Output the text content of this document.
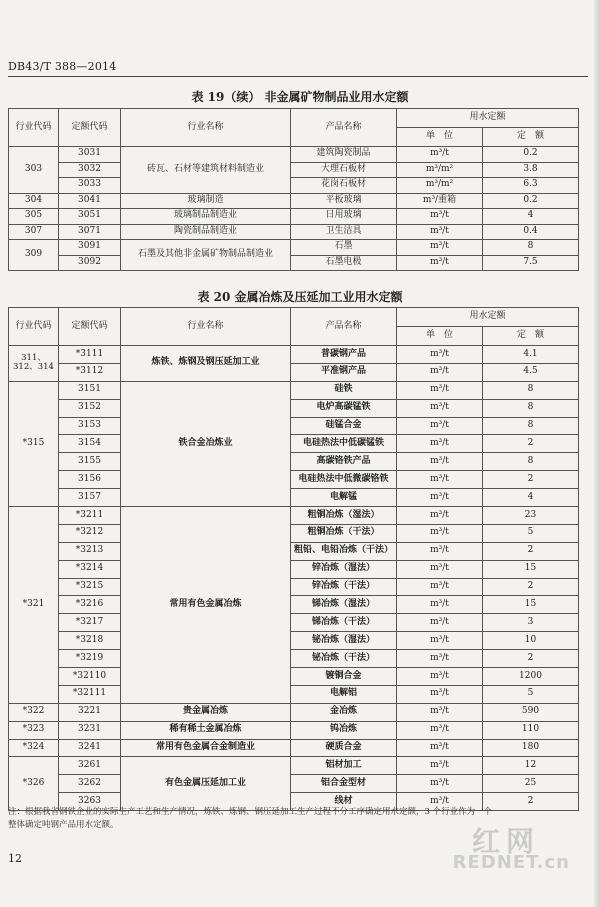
DB43/T 388—2014
表 19（续） 非金属矿物制品业用水定额
行业代码	定额代码	行业名称	产品名称	用水定额	
				单　位	定　额
303	3031	砖瓦、石材等建筑材料制造业	建筑陶瓷制品	m³/t	0.2
	3032		大理石板材	m³/m²	3.8
	3033		花岗石板材	m³/m²	6.3
304	3041	玻璃制造	平板玻璃	m³/重箱	0.2
305	3051	玻璃制品制造业	日用玻璃	m³/t	4
307	3071	陶瓷制品制造业	卫生洁具	m³/t	0.4
309	3091	石墨及其他非金属矿物制品制造业	石墨	m³/t	8
	3092		石墨电极	m³/t	7.5
表 20 金属冶炼及压延加工业用水定额
行业代码	定额代码	行业名称	产品名称	用水定额	
				单　位	定　额
311、312、314	*3111	炼铁、炼钢及钢压延加工业	普碳钢产品	m³/t	4.1
	*3112		平准钢产品	m³/t	4.5
*315	3151	铁合金冶炼业	硅铁	m³/t	8
	3152		电炉高碳锰铁	m³/t	8
	3153		硅锰合金	m³/t	8
	3154		电硅热法中低碳锰铁	m³/t	2
	3155		高碳铬铁产品	m³/t	8
	3156		电硅热法中低微碳铬铁	m³/t	2
	3157		电解锰	m³/t	4
*321	*3211	常用有色金属冶炼	粗铜冶炼（湿法）	m³/t	23
	*3212		粗铜冶炼（干法）	m³/t	5
	*3213		粗铅、电铅冶炼（干法）	m³/t	2
	*3214		锌冶炼（湿法）	m³/t	15
	*3215		锌冶炼（干法）	m³/t	2
	*3216		锑冶炼（湿法）	m³/t	15
	*3217		锑冶炼（干法）	m³/t	3
	*3218		铋冶炼（湿法）	m³/t	10
	*3219		铋冶炼（干法）	m³/t	2
	*32110		镀铜合金	m³/t	1200
	*32111		电解铝	m³/t	5
*322	3221	贵金属冶炼	金冶炼	m³/t	590
*323	3231	稀有稀土金属冶炼	钨冶炼	m³/t	110
*324	3241	常用有色金属合金制造业	硬质合金	m³/t	180
*326	3261	有色金属压延加工业	铝材加工	m³/t	12
	3262		铝合金型材	m³/t	25
	3263		线材	m³/t	2
注：根据我省钢铁企业的实际生产工艺和生产情况，炼铁、炼钢、钢压延加工生产过程不分工序确定用水定额，3 个行业作为一个
整体确定吨钢产品用水定额。
12
红网
REDNET.cn
